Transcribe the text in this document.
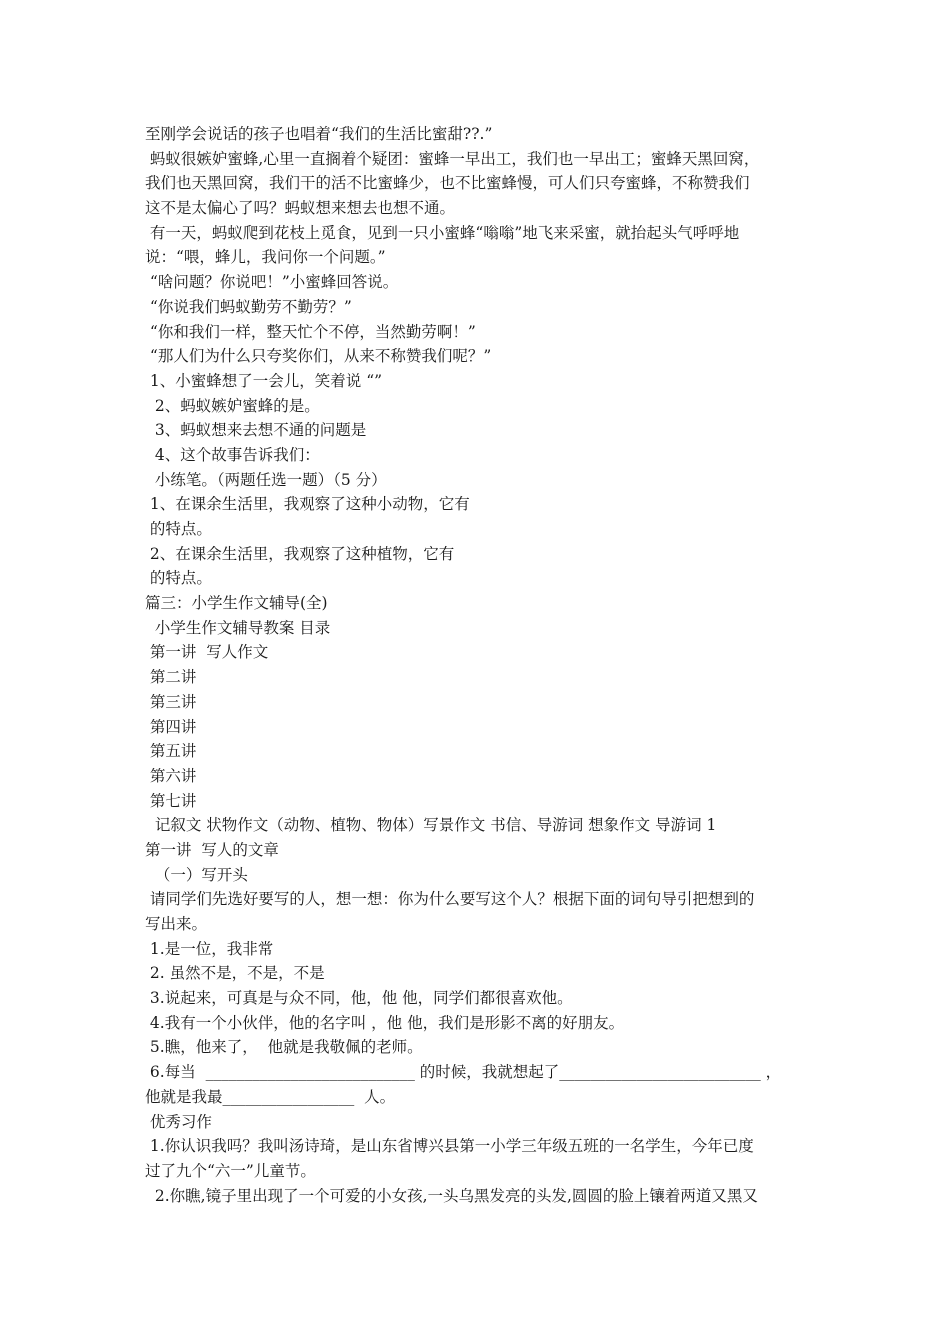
至刚学会说话的孩子也唱着“我们的生活比蜜甜??.”
蚂蚁很嫉妒蜜蜂,心里一直搁着个疑团：蜜蜂一早出工，我们也一早出工；蜜蜂天黑回窝，
我们也天黑回窝，我们干的活不比蜜蜂少，也不比蜜蜂慢，可人们只夸蜜蜂，不称赞我们
这不是太偏心了吗？蚂蚁想来想去也想不通。
有一天，蚂蚁爬到花枝上觅食，见到一只小蜜蜂“嗡嗡”地飞来采蜜，就抬起头气呼呼地
说：“喂，蜂儿，我问你一个问题。”
“啥问题？你说吧！”小蜜蜂回答说。
“你说我们蚂蚁勤劳不勤劳？”
“你和我们一样，整天忙个不停，当然勤劳啊！”
“那人们为什么只夸奖你们，从来不称赞我们呢？”
1、小蜜蜂想了一会儿，笑着说 “”
2、蚂蚁嫉妒蜜蜂的是。
3、蚂蚁想来去想不通的问题是
4、这个故事告诉我们：
小练笔。（两题任选一题）（5 分）
1、在课余生活里，我观察了这种小动物，它有
的特点。
2、在课余生活里，我观察了这种植物，它有
的特点。
篇三：小学生作文辅导(全)
小学生作文辅导教案 目录
第一讲  写人作文
第二讲
第三讲
第四讲
第五讲
第六讲
第七讲
记叙文 状物作文（动物、植物、物体）写景作文 书信、导游词 想象作文 导游词 1
第一讲  写人的文章
（一）写开头
请同学们先选好要写的人，想一想：你为什么要写这个人？根据下面的词句导引把想到的
写出来。
1.是一位，我非常
2. 虽然不是，不是，不是
3.说起来，可真是与众不同，他，他 他，同学们都很喜欢他。
4.我有一个小伙伴，他的名字叫 ，他 他，我们是形影不离的好朋友。
5.瞧，他来了，  他就是我敬佩的老师。
6.每当  ___________________________ 的时候，我就想起了__________________________ ，
他就是我最_________________  人。
优秀习作
1.你认识我吗？我叫汤诗琦，是山东省博兴县第一小学三年级五班的一名学生，今年已度
过了九个“六一”儿童节。
2.你瞧,镜子里出现了一个可爱的小女孩,一头乌黑发亮的头发,圆圆的脸上镶着两道又黑又
